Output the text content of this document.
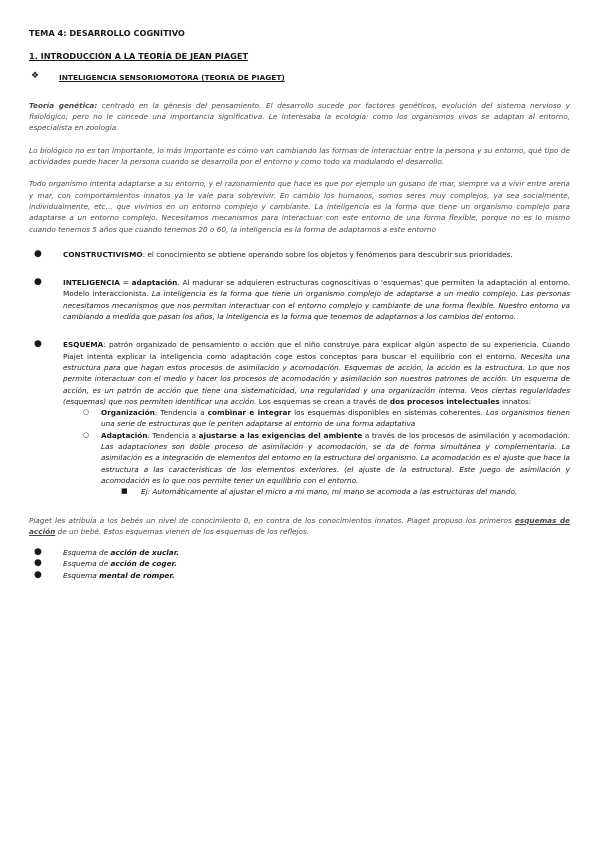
TEMA 4: DESARROLLO COGNITIVO
1. INTRODUCCIÓN A LA TEORÍA DE JEAN PIAGET
❖	INTELIGENCIA SENSORIOMOTORA (TEORIA DE PIAGET)

Teoría genética: centrado en la génesis del pensamiento. El desarrollo sucede por factores genéticos, evolución del sistema nervioso y fisiológico; pero no le concede una importancia significativa. Le interesaba la ecología: como los organismos vivos se adaptan al entorno, especialista en zoología.

Lo biológico no es tan importante, lo más importante es cómo van cambiando las formas de interactuar entre la persona y su entorno, qué tipo de actividades puede hacer la persona cuando se desarrolla por el entorno y como todo va modulando el desarrollo.

Todo organismo intenta adaptarse a su entorno, y el razonamiento que hace es que por ejemplo un gusano de mar, siempre va a vivir entre arena y mar, con comportamientos innatos ya le vale para sobrevivir. En cambio los humanos, somos seres muy complejos, ya sea socialmente, individualmente, etc… que vivimos en un entorno complejo y cambiante. La inteligencia es la forma que tiene un organismo complejo para adaptarse a un entorno complejo. Necesitamos mecanismos para interactuar con este entorno de una forma flexible, porque no es lo mismo cuando tenemos 5 años que cuando tenemos 20 o 60, la inteligencia es la forma de adaptarnos a este entorno

●	CONSTRUCTIVISMO: el conocimiento se obtiene operando sobre los objetos y fenómenos para descubrir sus prioridades.
●	INTELIGENCIA = adaptación. Al madurar se adquieren estructuras cognoscitivas o 'esquemas' que permiten la adaptación al entorno. Modelo interaccionista. La inteligencia es la forma que tiene un organismo complejo de adaptarse a un medio complejo. Las personas necesitamos mecanismos que nos permitan interactuar con el entorno complejo y cambiante de una forma flexible. Nuestro entorno va cambiando a medida que pasan los años, la inteligencia es la forma que tenemos de adaptarnos a los cambios del entorno.
●	ESQUEMA: patrón organizado de pensamiento o acción que el niño construye para explicar algún aspecto de su experiencia. Cuando Piajet intenta explicar la inteligencia como adaptación coge estos conceptos para buscar el equilibrio con el entorno. Necesita una estructura para que hagan estos procesos de asimilación y acomodación. Esquemas de acción, la acción es la estructura. Lo que nos permite interactuar con el medio y hacer los procesos de acomodación y asimilación son nuestros patrones de acción. Un esquema de acción, es un patrón de acción que tiene una sistematicidad, una regularidad y una organización interna. Veos ciertas regularidades (esquemas) que nos permiten identificar una acción. Los esquemas se crean a través de dos procesos intelectuales innatos:
○ Organización: Tendencia a combinar e integrar los esquemas disponibles en sistemas coherentes. Los organismos tienen una serie de estructuras que le periten adaptarse al entorno de una forma adaptativa
○ Adaptación: Tendencia a ajustarse a las exigencias del ambiente a través de los procesos de asimilación y acomodación. Las adaptaciones son doble proceso de asimilación y acomodación, se da de forma simultánea y complementaria. La asimilación es a integración de elementos del entorno en la estructura del organismo. La acomodación es el ajuste que hace la estructura a las características de los elementos exteriores. (el ajuste de la estructura). Este juego de asimilación y acomodación es lo que nos permite tener un equilibrio con el entorno.
■ Ej: Automáticamente al ajustar el micro a mi mano, mi mano se acomoda a las estructuras del mando.

Piaget les atribuía a los bebés un nivel de conocimiento 0, en contra de los conocimientos innatos. Piaget propuso los primeros esquemas de acción de un bebé. Estos esquemas vienen de los esquemas de los reflejos.

●	Esquema de acción de xuclar.
●	Esquema de acción de coger.
●	Esquema mental de romper.
